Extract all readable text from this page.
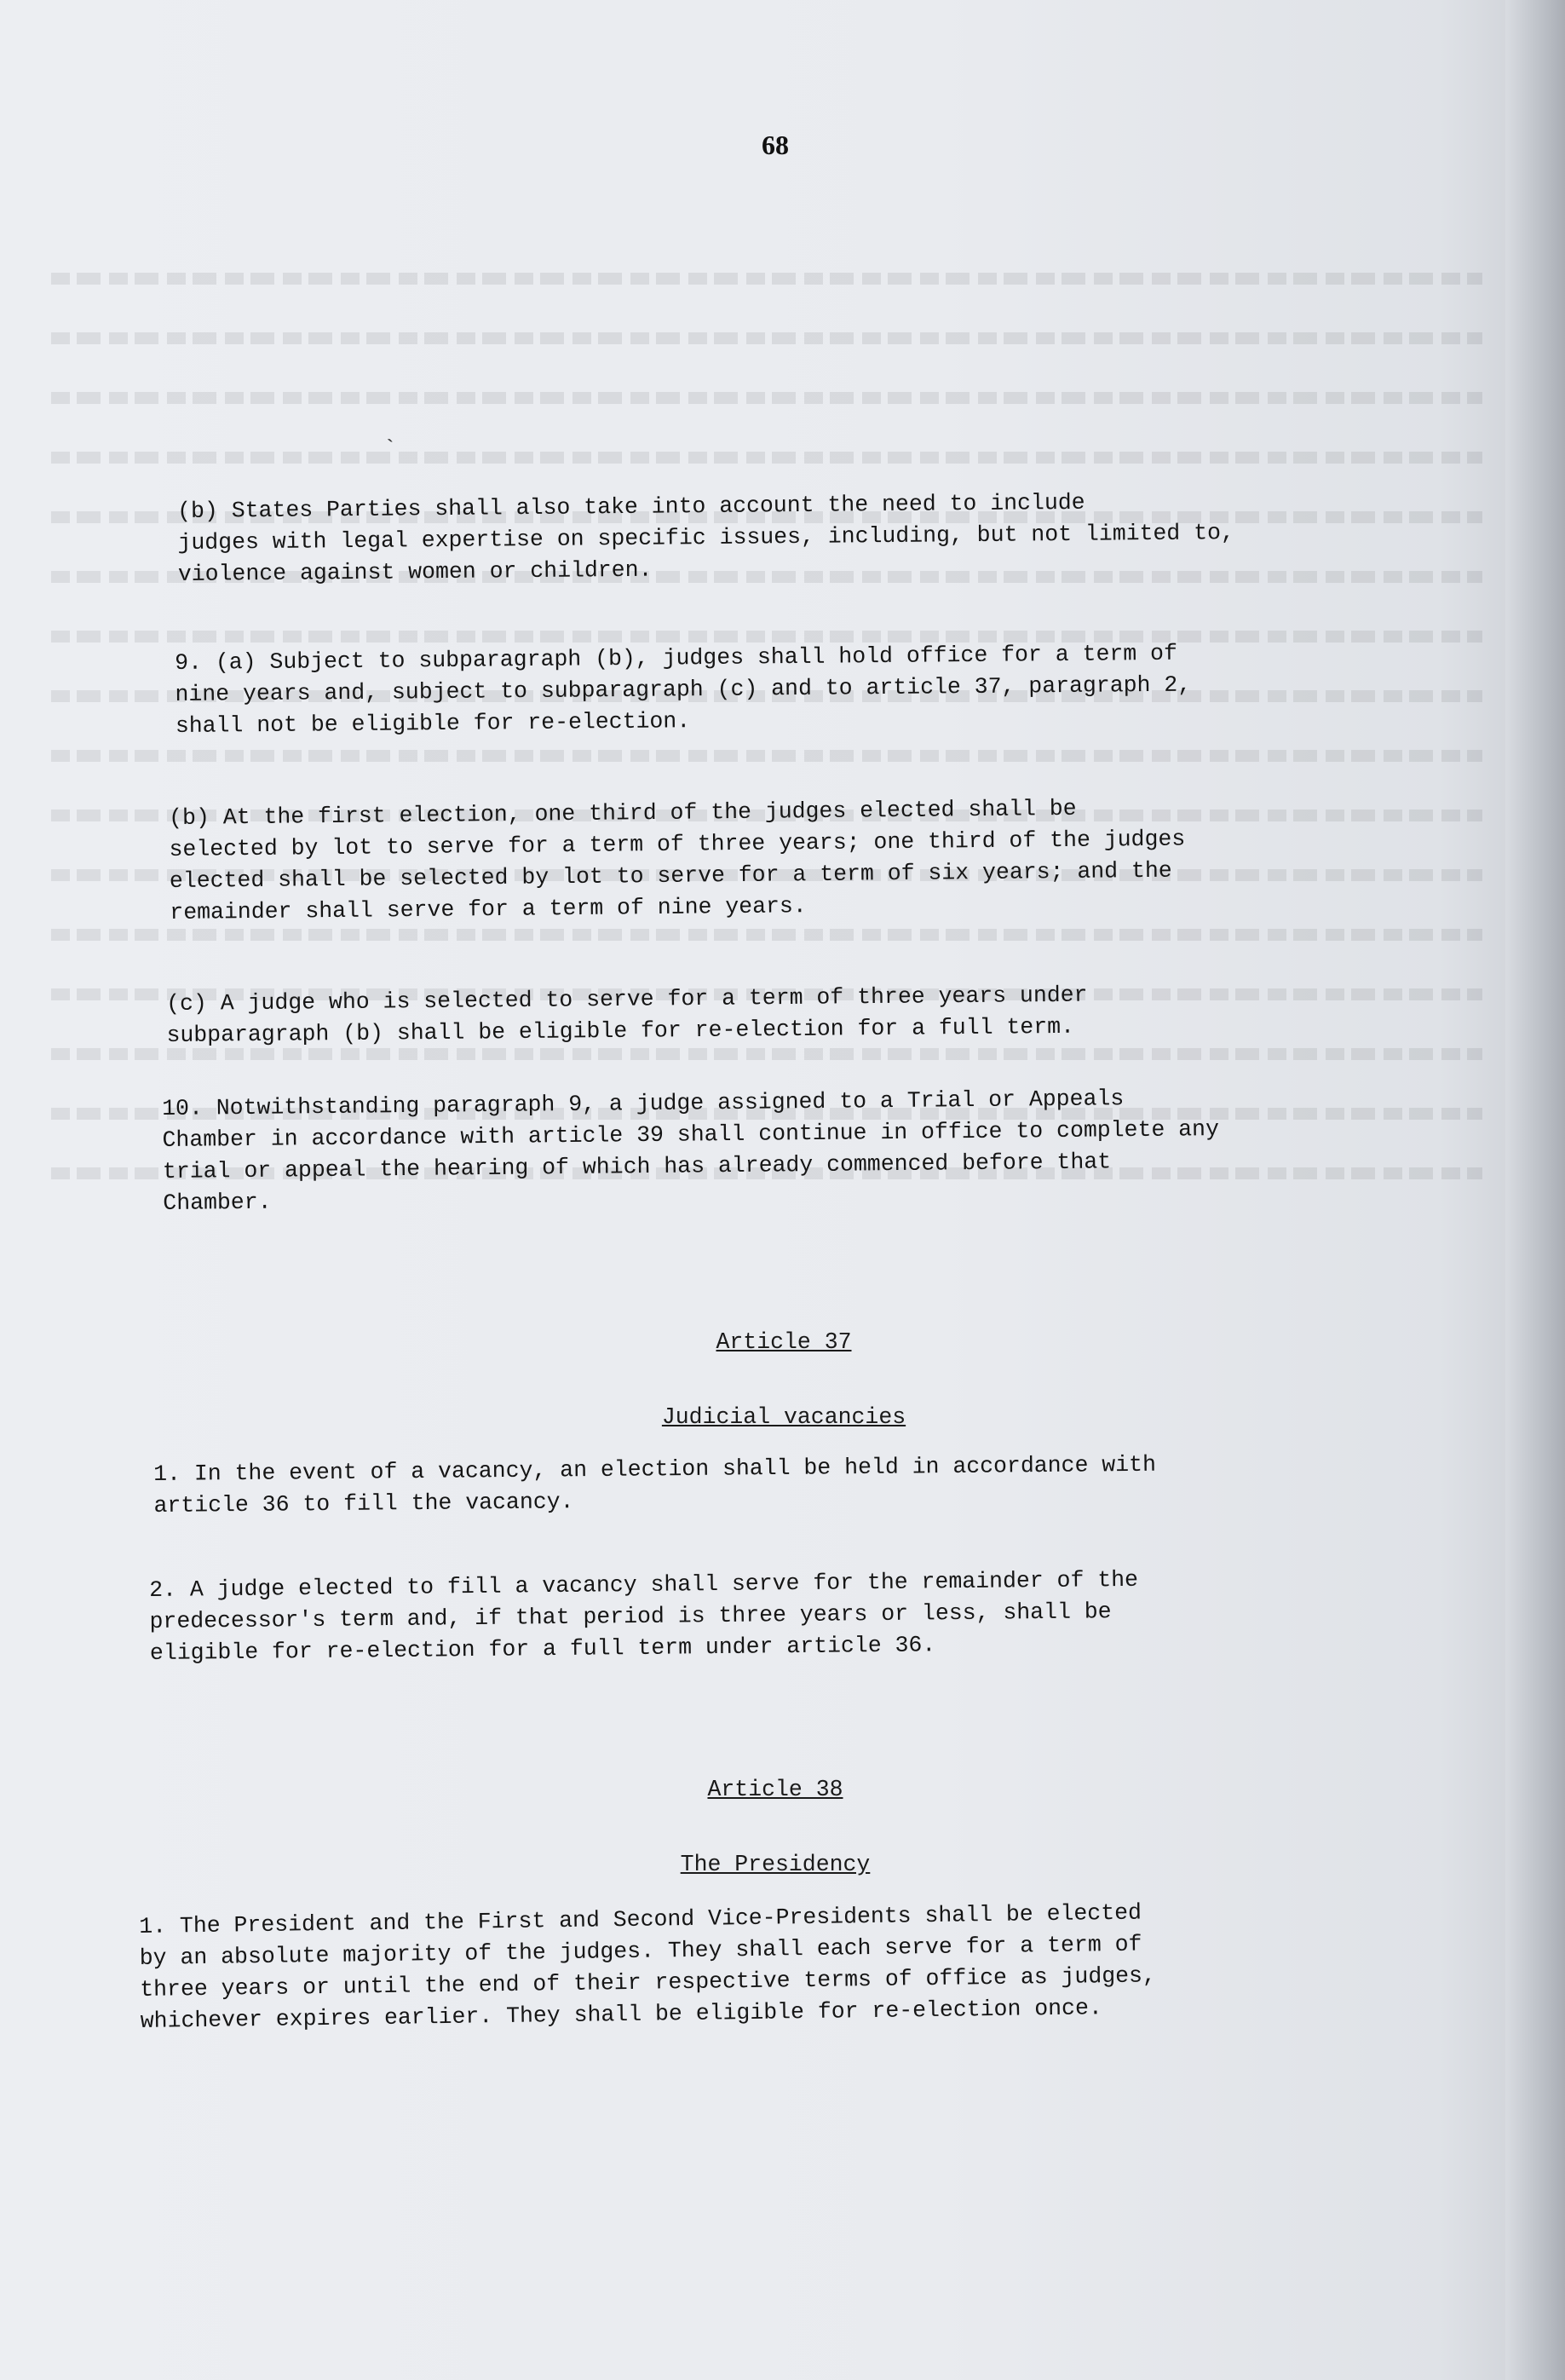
68
`
(b) States Parties shall also take into account the need to include
judges with legal expertise on specific issues, including, but not limited to,
violence against women or children.
9. (a) Subject to subparagraph (b), judges shall hold office for a term of
nine years and, subject to subparagraph (c) and to article 37, paragraph 2,
shall not be eligible for re-election.
(b) At the first election, one third of the judges elected shall be
selected by lot to serve for a term of three years; one third of the judges
elected shall be selected by lot to serve for a term of six years; and the
remainder shall serve for a term of nine years.
(c) A judge who is selected to serve for a term of three years under
subparagraph (b) shall be eligible for re-election for a full term.
10. Notwithstanding paragraph 9, a judge assigned to a Trial or Appeals
Chamber in accordance with article 39 shall continue in office to complete any
trial or appeal the hearing of which has already commenced before that
Chamber.
Article 37
Judicial vacancies
1. In the event of a vacancy, an election shall be held in accordance with
article 36 to fill the vacancy.
2. A judge elected to fill a vacancy shall serve for the remainder of the
predecessor's term and, if that period is three years or less, shall be
eligible for re-election for a full term under article 36.
Article 38
The Presidency
1. The President and the First and Second Vice-Presidents shall be elected
by an absolute majority of the judges. They shall each serve for a term of
three years or until the end of their respective terms of office as judges,
whichever expires earlier. They shall be eligible for re-election once.
